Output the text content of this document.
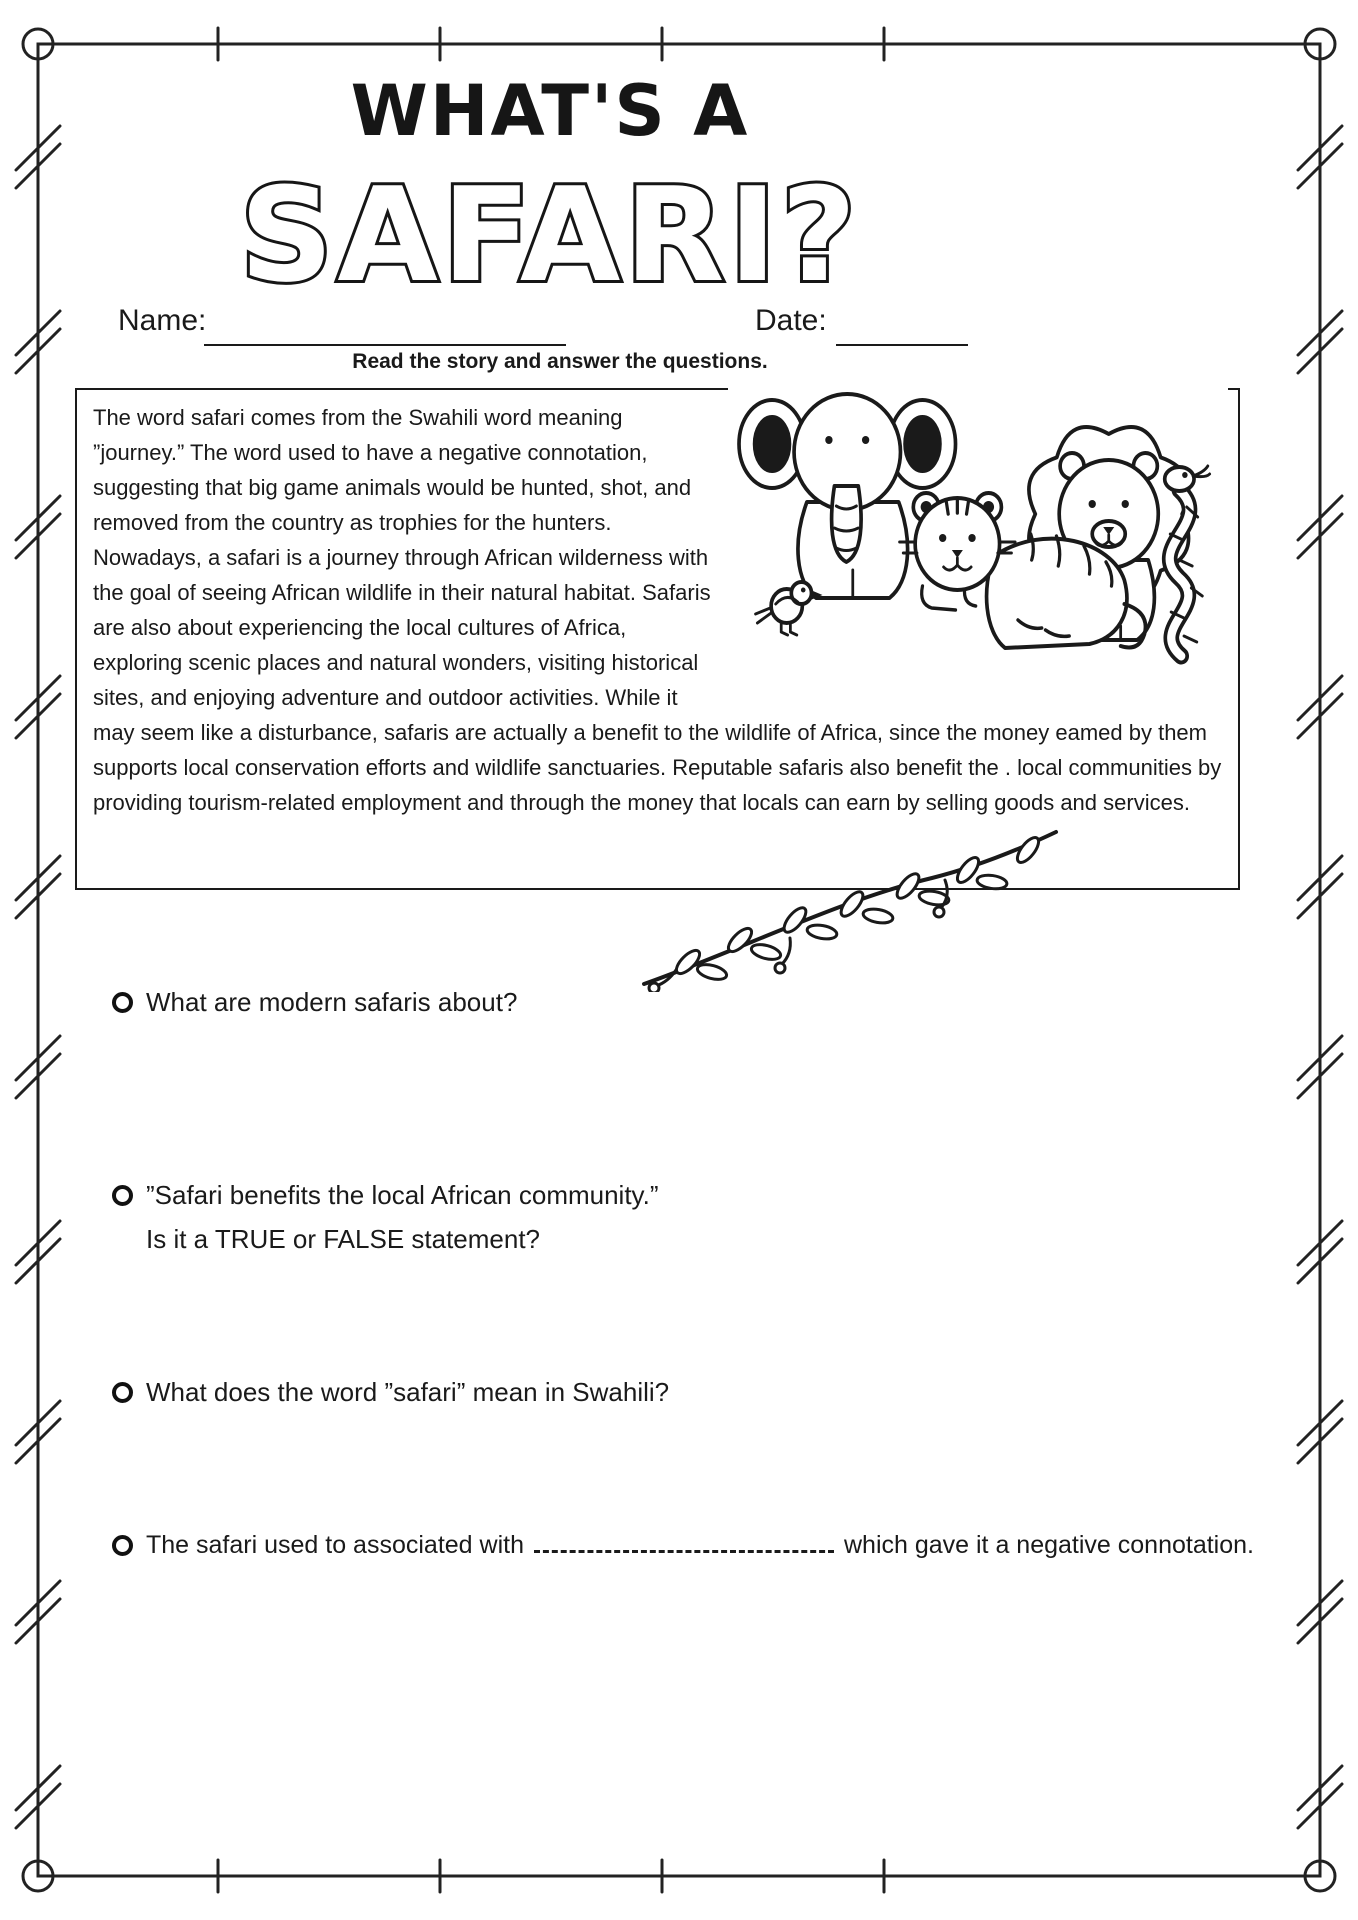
WHAT'S A
SAFARI?
Name:	Date:
Read the story and answer the questions.

The word safari comes from the Swahili word meaning ”journey.” The word used to have a negative connotation, suggesting that big game animals would be hunted, shot, and removed from the country as trophies for the hunters. Nowadays, a safari is a journey through African wilderness with the goal of seeing African wildlife in their natural habitat. Safaris are also about experiencing the local cultures of Africa, exploring scenic places and natural wonders, visiting historical sites, and enjoying adventure and outdoor activities. While it may seem like a disturbance, safaris are actually a benefit to the wildlife of Africa, since the money eamed by them supports local conservation efforts and wildlife sanctuaries. Reputable safaris also benefit the . local communities by providing tourism-related employment and through the money that locals can earn by selling goods and services.

What are modern safaris about?
”Safari benefits the local African community.”
Is it a TRUE or FALSE statement?
What does the word ”safari” mean in Swahili?
The safari used to associated with	which gave it a negative connotation.
